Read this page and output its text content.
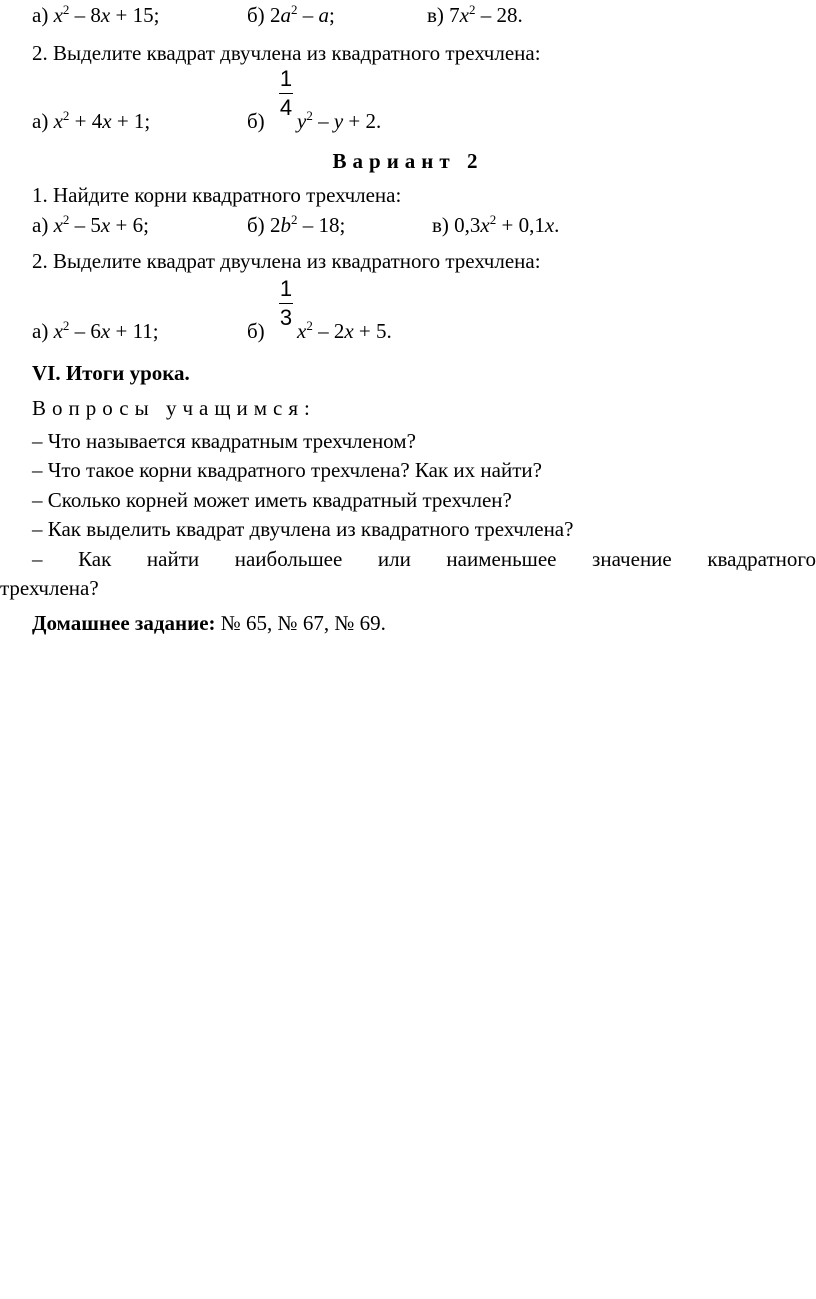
а) $x^2 - 8x + 15$;	б) $2a^2$ – a;	в) $7x^2 - 28$.
2. Выделите квадрат двучлена из квадратного трехчлена:
1
4
а) $x^2 + 4x + 1$;	б) $y^2 - y + 2$.
Вариант 2
1. Найдите корни квадратного трехчлена:
а) $x^2 - 5x + 6$;	б) $2b^2 - 18$;	в) $0,3x^2 + 0,1x$.
2. Выделите квадрат двучлена из квадратного трехчлена:
1
3
а) $x^2 - 6x + 11$;	б) $x^2 - 2x + 5$.
VI. Итоги урока.
Вопросы учащимся:
– Что называется квадратным трехчленом?
– Что такое корни квадратного трехчлена? Как их найти?
– Сколько корней может иметь квадратный трехчлен?
– Как выделить квадрат двучлена из квадратного трехчлена?
– Как найти наибольшее или наименьшее значение квадратного
трехчлена?
Домашнее задание: № 65, № 67, № 69.
